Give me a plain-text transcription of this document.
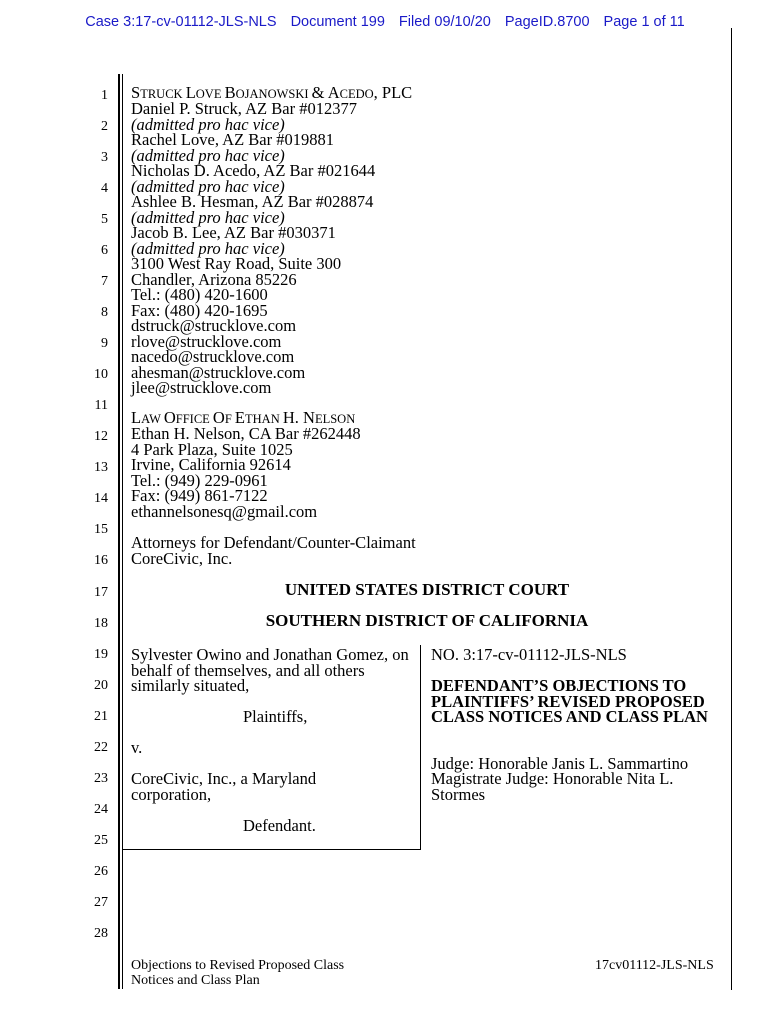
Case 3:17-cv-01112-JLS-NLS Document 199 Filed 09/10/20 PageID.8700 Page 1 of 11
1
2
3
4
5
6
7
8
9
10
11
12
13
14
15
16
17
18
19
20
21
22
23
24
25
26
27
28
STRUCK LOVE BOJANOWSKI & ACEDO, PLC
Daniel P. Struck, AZ Bar #012377
(admitted pro hac vice)
Rachel Love, AZ Bar #019881
(admitted pro hac vice)
Nicholas D. Acedo, AZ Bar #021644
(admitted pro hac vice)
Ashlee B. Hesman, AZ Bar #028874
(admitted pro hac vice)
Jacob B. Lee, AZ Bar #030371
(admitted pro hac vice)
3100 West Ray Road, Suite 300
Chandler, Arizona 85226
Tel.: (480) 420-1600
Fax: (480) 420-1695
dstruck@strucklove.com
rlove@strucklove.com
nacedo@strucklove.com
ahesman@strucklove.com
jlee@strucklove.com
LAW OFFICE OF ETHAN H. NELSON
Ethan H. Nelson, CA Bar #262448
4 Park Plaza, Suite 1025
Irvine, California 92614
Tel.: (949) 229-0961
Fax: (949) 861-7122
ethannelsonesq@gmail.com
Attorneys for Defendant/Counter-Claimant
CoreCivic, Inc.
UNITED STATES DISTRICT COURT
SOUTHERN DISTRICT OF CALIFORNIA
Sylvester Owino and Jonathan Gomez, on behalf of themselves, and all others similarly situated,
Plaintiffs,
v.
CoreCivic, Inc., a Maryland corporation,
Defendant.
NO. 3:17-cv-01112-JLS-NLS
DEFENDANT’S OBJECTIONS TO PLAINTIFFS’ REVISED PROPOSED CLASS NOTICES AND CLASS PLAN
Judge: Honorable Janis L. Sammartino
Magistrate Judge: Honorable Nita L. Stormes
Objections to Revised Proposed Class
Notices and Class Plan
17cv01112-JLS-NLS
